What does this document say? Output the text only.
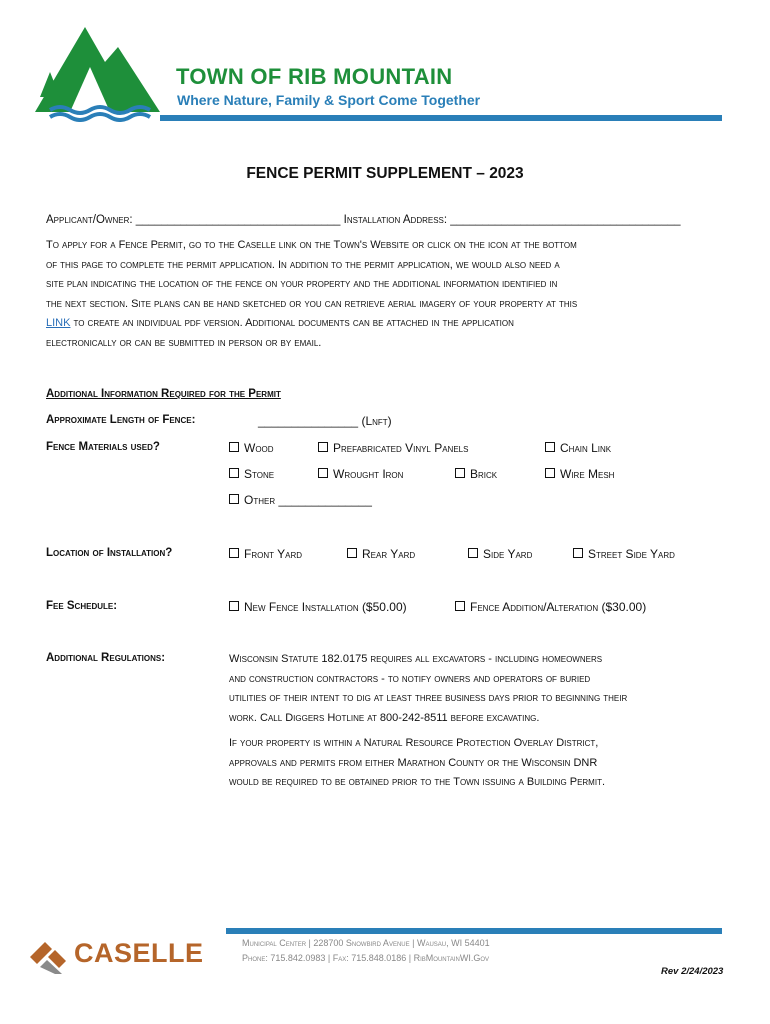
TOWN OF RIB MOUNTAIN
Where Nature, Family & Sport Come Together
FENCE PERMIT SUPPLEMENT – 2023
Applicant/Owner: ________________________________ Installation Address: ____________________________________
To apply for a Fence Permit, go to the Caselle link on the Town's Website or click on the icon at the bottom
of this page to complete the permit application. In addition to the permit application, we would also need a
site plan indicating the location of the fence on your property and the additional information identified in
the next section. Site plans can be hand sketched or you can retrieve aerial imagery of your property at this
LINK to create an individual pdf version. Additional documents can be attached in the application
electronically or can be submitted in person or by email.
Additional Information Required for the Permit
Approximate Length of Fence:	_______________ (Lnft)
Fence Materials used?	Wood	Prefabricated Vinyl Panels	Chain Link
Stone	Wrought Iron	Brick	Wire Mesh
Other ______________
Location of Installation?	Front Yard	Rear Yard	Side Yard	Street Side Yard
Fee Schedule:	New Fence Installation ($50.00)	Fence Addition/Alteration ($30.00)
Additional Regulations:	Wisconsin Statute 182.0175 requires all excavators - including homeowners
and construction contractors - to notify owners and operators of buried
utilities of their intent to dig at least three business days prior to beginning their
work. Call Diggers Hotline at 800-242-8511 before excavating.
If your property is within a Natural Resource Protection Overlay District,
approvals and permits from either Marathon County or the Wisconsin DNR
would be required to be obtained prior to the Town issuing a Building Permit.
CASELLE	Municipal Center | 228700 Snowbird Avenue | Wausau, WI 54401
Phone: 715.842.0983 | Fax: 715.848.0186 | RibMountainWI.Gov
Rev 2/24/2023
